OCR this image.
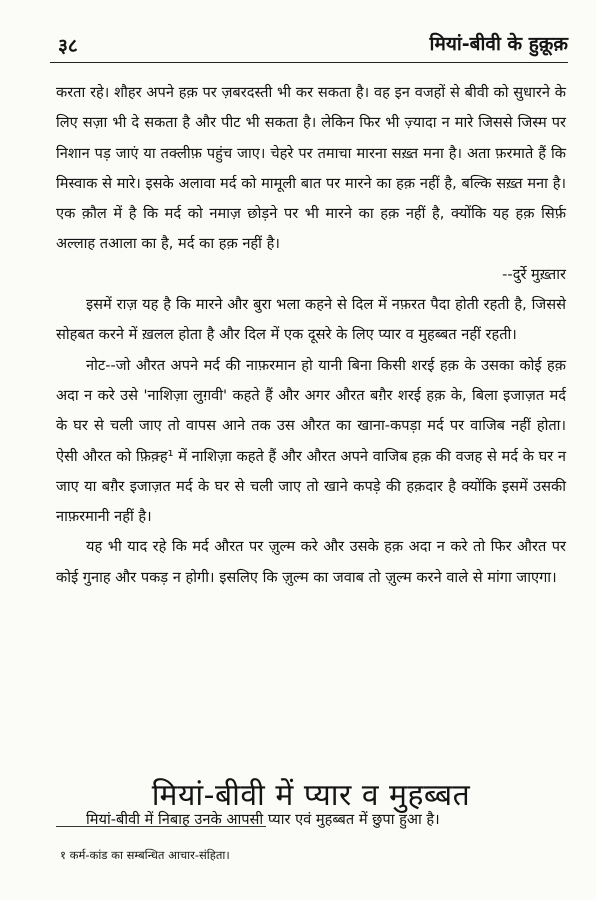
३८	मियां-बीवी के हुक़ूक़

करता रहे। शौहर अपने हक़ पर ज़बरदस्ती भी कर सकता है। वह इन वजहों से बीवी को सुधारने के लिए सज़ा भी दे सकता है और पीट भी सकता है। लेकिन फिर भी ज़्यादा न मारे जिससे जिस्म पर निशान पड़ जाएं या तक्लीफ़ पहुंच जाए। चेहरे पर तमाचा मारना सख़्त मना है। अता फ़रमाते हैं कि मिस्वाक से मारे। इसके अलावा मर्द को मामूली बात पर मारने का हक़ नहीं है, बल्कि सख़्त मना है। एक क़ौल में है कि मर्द को नमाज़ छोड़ने पर भी मारने का हक़ नहीं है, क्योंकि यह हक़ सिर्फ़ अल्लाह तआला का है, मर्द का हक़ नहीं है।

--दुर्रे मुख़्तार

इसमें राज़ यह है कि मारने और बुरा भला कहने से दिल में नफ़रत पैदा होती रहती है, जिससे सोहबत करने में ख़लल होता है और दिल में एक दूसरे के लिए प्यार व मुहब्बत नहीं रहती।

नोट--जो औरत अपने मर्द की नाफ़रमान हो यानी बिना किसी शरई हक़ के उसका कोई हक़ अदा न करे उसे 'नाशिज़ा लुग़वी' कहते हैं और अगर औरत बग़ैर शरई हक़ के, बिला इजाज़त मर्द के घर से चली जाए तो वापस आने तक उस औरत का खाना-कपड़ा मर्द पर वाजिब नहीं होता। ऐसी औरत को फ़िक़्ह¹ में नाशिज़ा कहते हैं और औरत अपने वाजिब हक़ की वजह से मर्द के घर न जाए या बग़ैर इजाज़त मर्द के घर से चली जाए तो खाने कपड़े की हक़दार है क्योंकि इसमें उसकी नाफ़रमानी नहीं है।

यह भी याद रहे कि मर्द औरत पर ज़ुल्म करे और उसके हक़ अदा न करे तो फिर औरत पर कोई गुनाह और पकड़ न होगी। इसलिए कि ज़ुल्म का जवाब तो ज़ुल्म करने वाले से मांगा जाएगा।

मियां-बीवी में प्यार व मुहब्बत

मियां-बीवी में निबाह उनके आपसी प्यार एवं मुहब्बत में छुपा हुआ है।

१ कर्म-कांड का सम्बन्धित आचार-संहिता।
